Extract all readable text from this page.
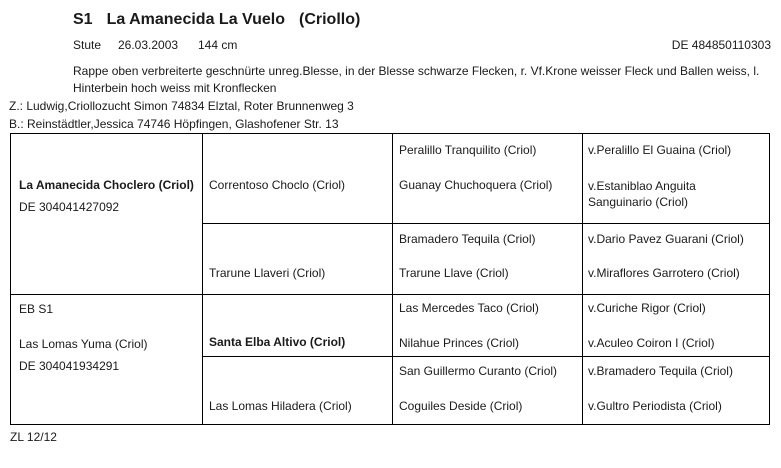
S1 La Amanecida La Vuelo (Criollo)
Stute 26.03.2003 144 cm	DE 484850110303
Rappe oben verbreiterte geschnürte unreg.Blesse, in der Blesse schwarze Flecken, r. Vf.Krone weisser Fleck und Ballen weiss, l. Hinterbein hoch weiss mit Kronflecken
Z.: Ludwig,Criollozucht Simon 74834 Elztal, Roter Brunnenweg 3
B.: Reinstädtler,Jessica 74746 Höpfingen, Glashofener Str. 13
La Amanecida Choclero (Criol)
DE 304041427092
EB S1
Las Lomas Yuma (Criol)
DE 304041934291
Correntoso Choclo (Criol)
Trarune Llaveri (Criol)
Santa Elba Altivo (Criol)
Las Lomas Hiladera (Criol)
Peralillo Tranquilito (Criol)
Guanay Chuchoquera (Criol)
Bramadero Tequila (Criol)
Trarune Llave (Criol)
Las Mercedes Taco (Criol)
Nilahue Princes (Criol)
San Guillermo Curanto (Criol)
Coguiles Deside (Criol)
v.Peralillo El Guaina (Criol)
v.Estaniblao Anguita Sanguinario (Criol)
v.Dario Pavez Guarani (Criol)
v.Miraflores Garrotero (Criol)
v.Curiche Rigor (Criol)
v.Aculeo Coiron I (Criol)
v.Bramadero Tequila (Criol)
v.Gultro Periodista (Criol)
ZL 12/12
